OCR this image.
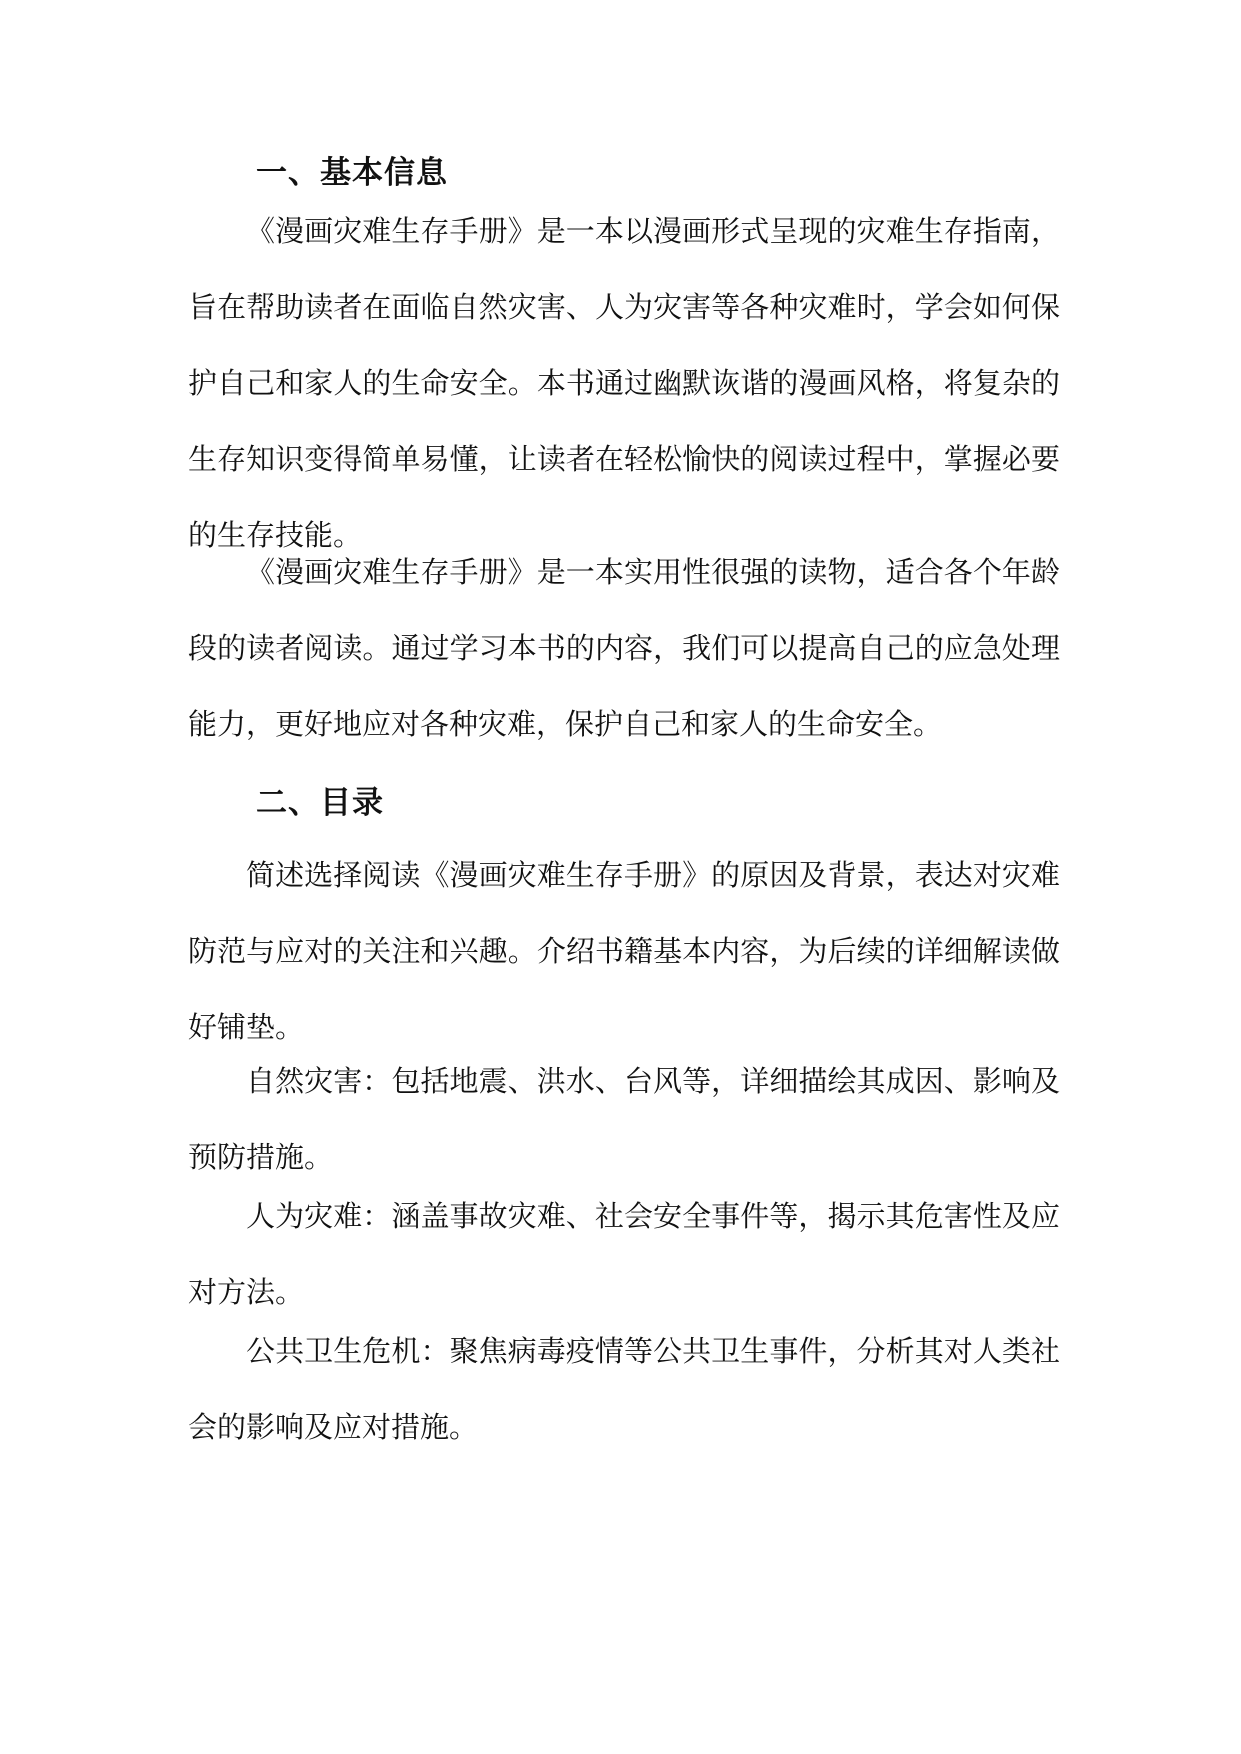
一、基本信息

《漫画灾难生存手册》是一本以漫画形式呈现的灾难生存指南，旨在帮助读者在面临自然灾害、人为灾害等各种灾难时，学会如何保护自己和家人的生命安全。本书通过幽默诙谐的漫画风格，将复杂的生存知识变得简单易懂，让读者在轻松愉快的阅读过程中，掌握必要的生存技能。

《漫画灾难生存手册》是一本实用性很强的读物，适合各个年龄段的读者阅读。通过学习本书的内容，我们可以提高自己的应急处理能力，更好地应对各种灾难，保护自己和家人的生命安全。

二、目录

简述选择阅读《漫画灾难生存手册》的原因及背景，表达对灾难防范与应对的关注和兴趣。介绍书籍基本内容，为后续的详细解读做好铺垫。

自然灾害：包括地震、洪水、台风等，详细描绘其成因、影响及预防措施。

人为灾难：涵盖事故灾难、社会安全事件等，揭示其危害性及应对方法。

公共卫生危机：聚焦病毒疫情等公共卫生事件，分析其对人类社会的影响及应对措施。
